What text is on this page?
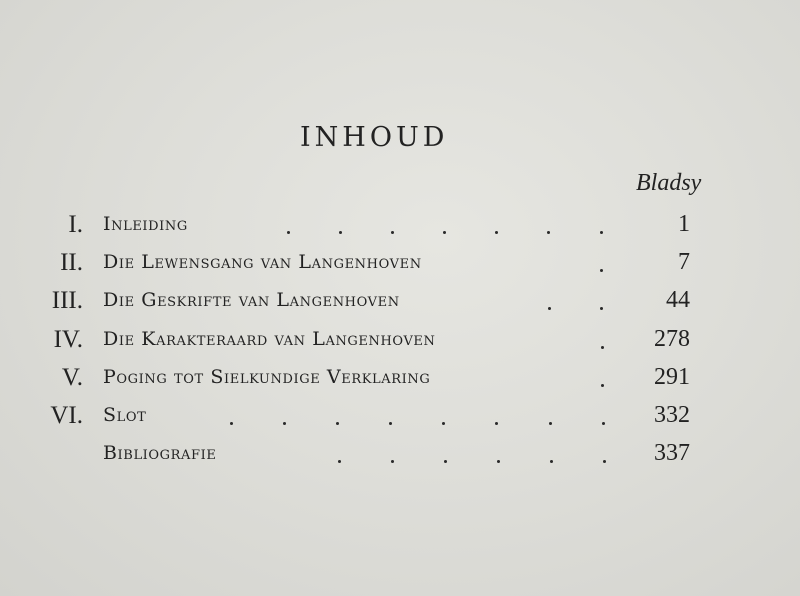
INHOUD
Bladsy
I. Inleiding	1
II. Die Lewensgang van Langenhoven	7
III. Die Geskrifte van Langenhoven	44
IV. Die Karakteraard van Langenhoven	278
V. Poging tot Sielkundige Verklaring	291
VI. Slot	332
Bibliografie	337
